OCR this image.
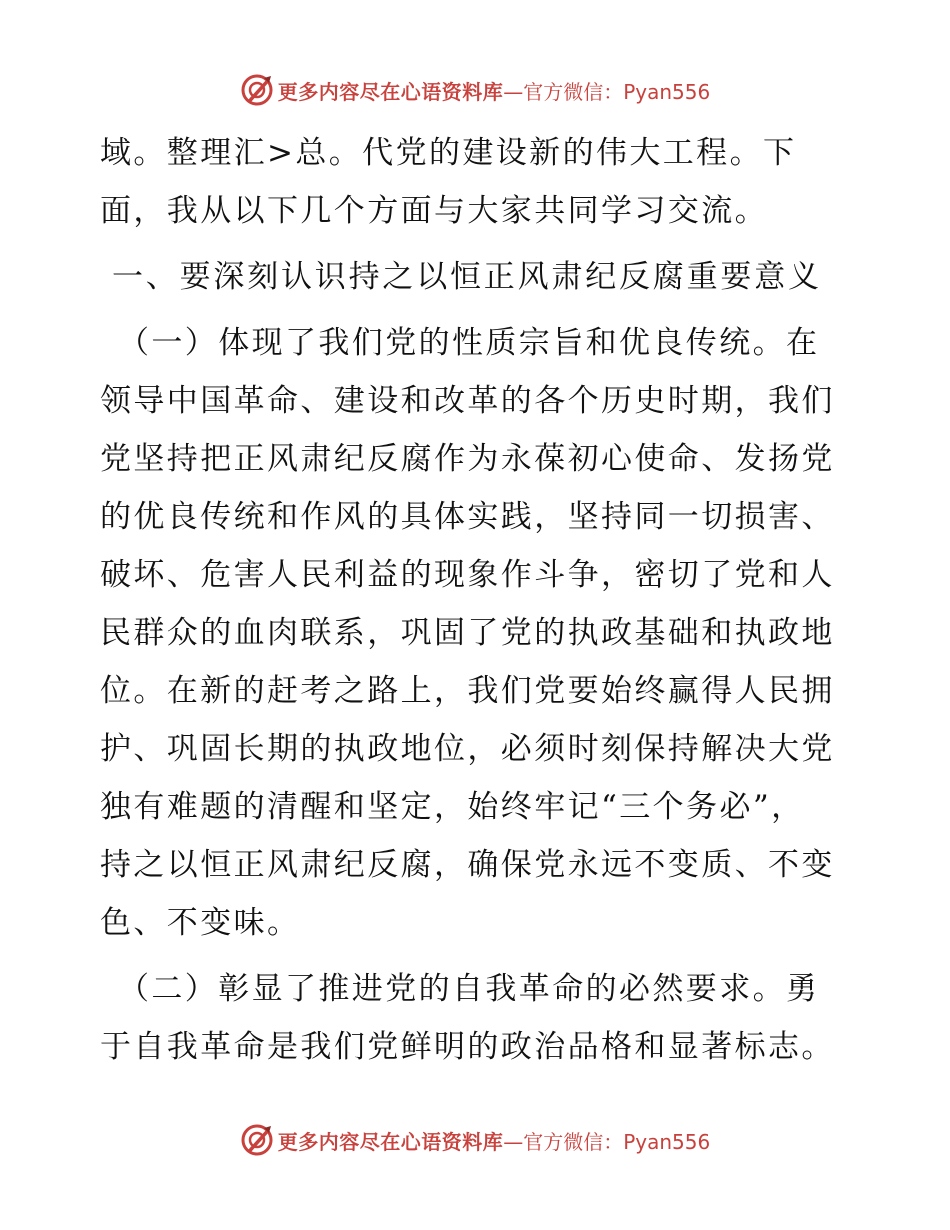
更多内容尽在心语资料库 —官方微信：Pyan556
域。整理汇>总。代党的建设新的伟大工程。下
面，我从以下几个方面与大家共同学习交流。
一、要深刻认识持之以恒正风肃纪反腐重要意义
（一）体现了我们党的性质宗旨和优良传统。在
领导中国革命、建设和改革的各个历史时期，我们
党坚持把正风肃纪反腐作为永葆初心使命、发扬党
的优良传统和作风的具体实践，坚持同一切损害、
破坏、危害人民利益的现象作斗争，密切了党和人
民群众的血肉联系，巩固了党的执政基础和执政地
位。在新的赶考之路上，我们党要始终赢得人民拥
护、巩固长期的执政地位，必须时刻保持解决大党
独有难题的清醒和坚定，始终牢记“三个务必”，
持之以恒正风肃纪反腐，确保党永远不变质、不变
色、不变味。
（二）彰显了推进党的自我革命的必然要求。勇
于自我革命是我们党鲜明的政治品格和显著标志。
更多内容尽在心语资料库 —官方微信：Pyan556
